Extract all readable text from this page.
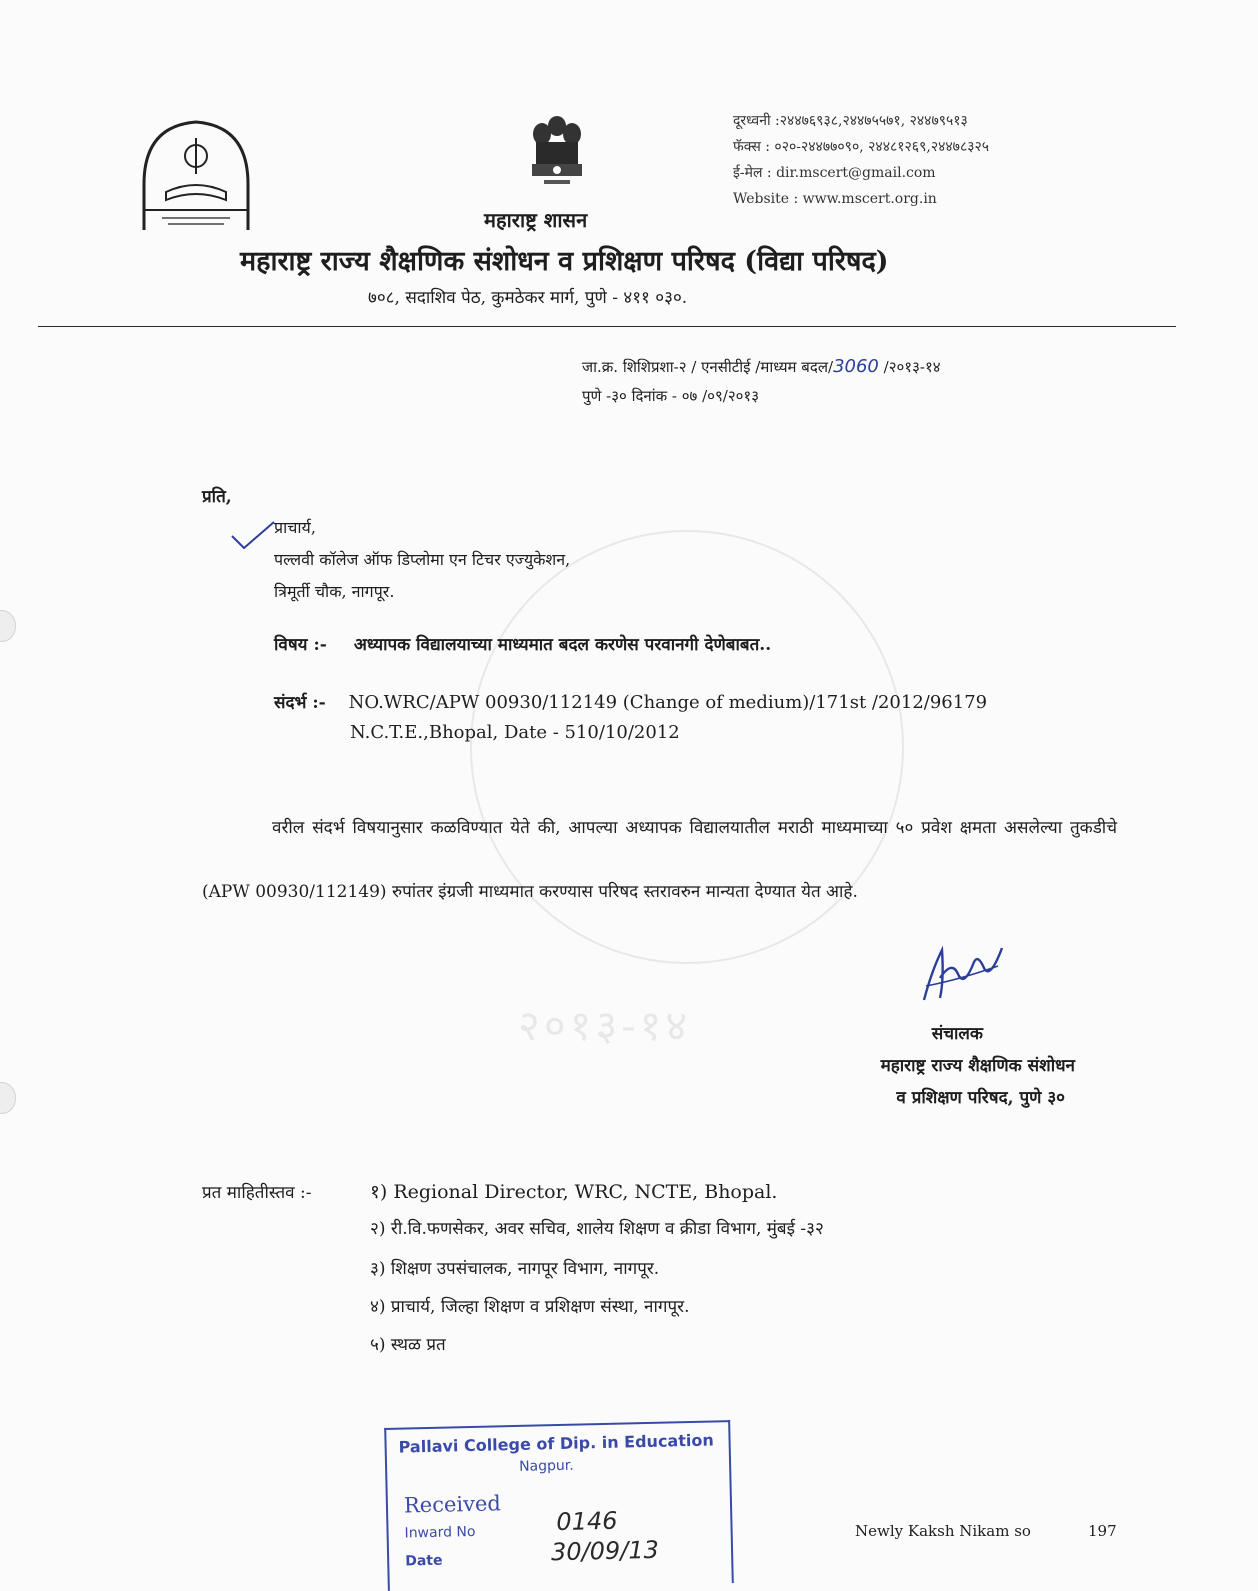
२०१३-१४
दूरध्वनी :२४४७६९३८,२४४७५५७१, २४४७९५१३
फॅक्स : ०२०-२४४७७०९०, २४४८१२६९,२४४७८३२५
ई-मेल : dir.mscert@gmail.com
Website : www.mscert.org.in
महाराष्ट्र शासन
महाराष्ट्र राज्य शैक्षणिक संशोधन व प्रशिक्षण परिषद (विद्या परिषद)
७०८, सदाशिव पेठ, कुमठेकर मार्ग, पुणे - ४११ ०३०.
जा.क्र. शिशिप्रशा-२ / एनसीटीई /माध्यम बदल/3060 /२०१३-१४
पुणे -३० दिनांक - ०७ /०९/२०१३
प्रति,
प्राचार्य,
पल्लवी कॉलेज ऑफ डिप्लोमा एन टिचर एज्युकेशन,
त्रिमूर्ती चौक, नागपूर.
विषय :- अध्यापक विद्यालयाच्या माध्यमात बदल करणेस परवानगी देणेबाबत..
संदर्भ :- NO.WRC/APW 00930/112149 (Change of medium)/171st /2012/96179
N.C.T.E.,Bhopal, Date - 510/10/2012
वरील संदर्भ विषयानुसार कळविण्यात येते की, आपल्या अध्यापक विद्यालयातील मराठी माध्यमाच्या ५० प्रवेश क्षमता असलेल्या तुकडीचे (APW 00930/112149) रुपांतर इंग्रजी माध्यमात करण्यास परिषद स्तरावरुन मान्यता देण्यात येत आहे.
संचालक
महाराष्ट्र राज्य शैक्षणिक संशोधन
व प्रशिक्षण परिषद, पुणे ३०
प्रत माहितीस्तव :-	१) Regional Director, WRC, NCTE, Bhopal.
२) री.वि.फणसेकर, अवर सचिव, शालेय शिक्षण व क्रीडा विभाग, मुंबई -३२
३) शिक्षण उपसंचालक, नागपूर विभाग, नागपूर.
४) प्राचार्य, जिल्हा शिक्षण व प्रशिक्षण संस्था, नागपूर.
५) स्थळ प्रत
Pallavi College of Dip. in Education
Nagpur.
Received
Inward No
Date
0146
30/09/13
Newly Kaksh Nikam so	197
